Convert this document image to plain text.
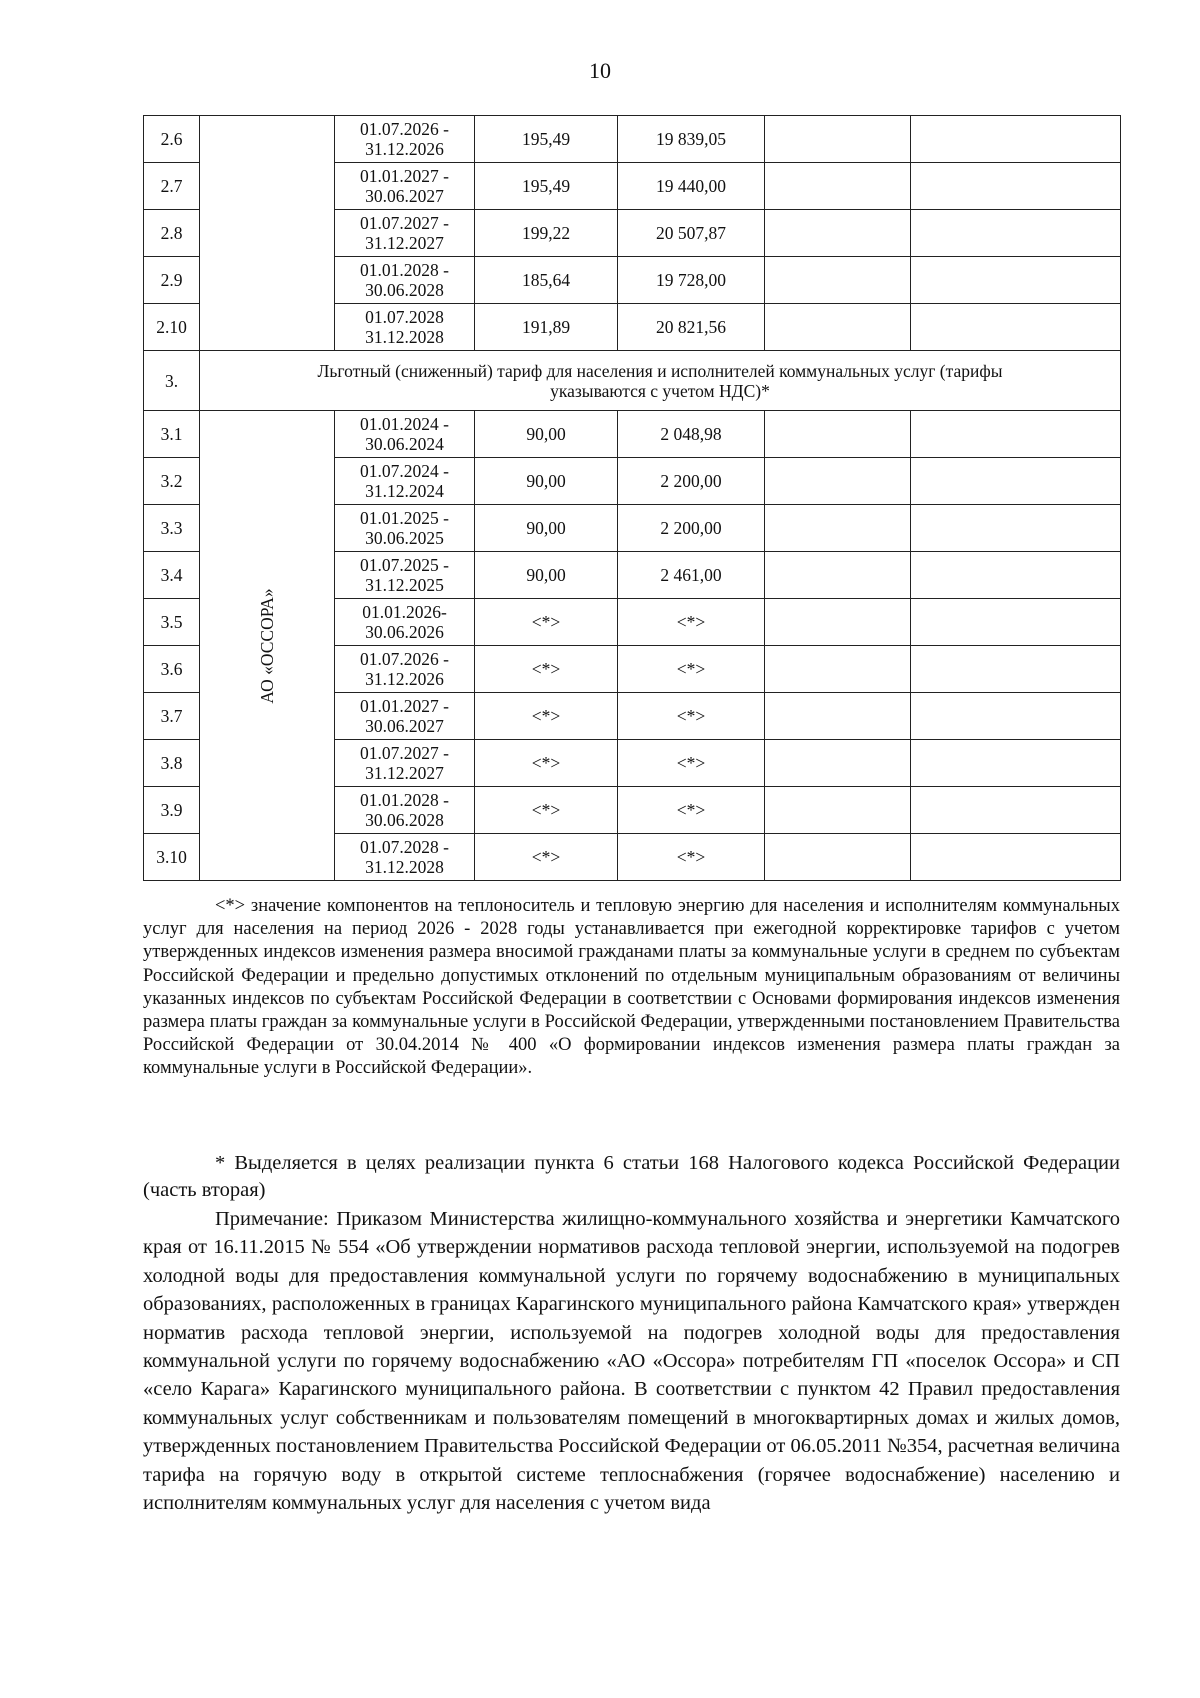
10
2.6		01.07.2026 -
31.12.2026	195,49	19 839,05		
2.7		01.01.2027 -
30.06.2027	195,49	19 440,00		
2.8		01.07.2027 -
31.12.2027	199,22	20 507,87		
2.9		01.01.2028 -
30.06.2028	185,64	19 728,00		
2.10		01.07.2028
31.12.2028	191,89	20 821,56		
3.	Льготный (сниженный) тариф для населения и исполнителей коммунальных услуг (тарифы
указываются с учетом НДС)*					
3.1	АО «ОССОРА»	01.01.2024 -
30.06.2024	90,00	2 048,98		
3.2		01.07.2024 -
31.12.2024	90,00	2 200,00		
3.3		01.01.2025 -
30.06.2025	90,00	2 200,00		
3.4		01.07.2025 -
31.12.2025	90,00	2 461,00		
3.5		01.01.2026-
30.06.2026	<*>	<*>		
3.6		01.07.2026 -
31.12.2026	<*>	<*>		
3.7		01.01.2027 -
30.06.2027	<*>	<*>		
3.8		01.07.2027 -
31.12.2027	<*>	<*>		
3.9		01.01.2028 -
30.06.2028	<*>	<*>		
3.10		01.07.2028 -
31.12.2028	<*>	<*>		

<*> значение компонентов на теплоноситель и тепловую энергию для населения и исполнителям коммунальных услуг для населения на период 2026 - 2028 годы устанавливается при ежегодной корректировке тарифов с учетом утвержденных индексов изменения размера вносимой гражданами платы за коммунальные услуги в среднем по субъектам Российской Федерации и предельно допустимых отклонений по отдельным муниципальным образованиям от величины указанных индексов по субъектам Российской Федерации в соответствии с Основами формирования индексов изменения размера платы граждан за коммунальные услуги в Российской Федерации, утвержденными постановлением Правительства Российской Федерации от 30.04.2014 № 400 «О формировании индексов изменения размера платы граждан за коммунальные услуги в Российской Федерации».

* Выделяется в целях реализации пункта 6 статьи 168 Налогового кодекса Российской Федерации (часть вторая)

Примечание: Приказом Министерства жилищно-коммунального хозяйства и энергетики Камчатского края от 16.11.2015 № 554 «Об утверждении нормативов расхода тепловой энергии, используемой на подогрев холодной воды для предоставления коммунальной услуги по горячему водоснабжению в муниципальных образованиях, расположенных в границах Карагинского муниципального района Камчатского края» утвержден норматив расхода тепловой энергии, используемой на подогрев холодной воды для предоставления коммунальной услуги по горячему водоснабжению «АО «Оссора» потребителям ГП «поселок Оссора» и СП «село Карага» Карагинского муниципального района. В соответствии с пунктом 42 Правил предоставления коммунальных услуг собственникам и пользователям помещений в многоквартирных домах и жилых домов, утвержденных постановлением Правительства Российской Федерации от 06.05.2011 №354, расчетная величина тарифа на горячую воду в открытой системе теплоснабжения (горячее водоснабжение) населению и исполнителям коммунальных услуг для населения с учетом вида
